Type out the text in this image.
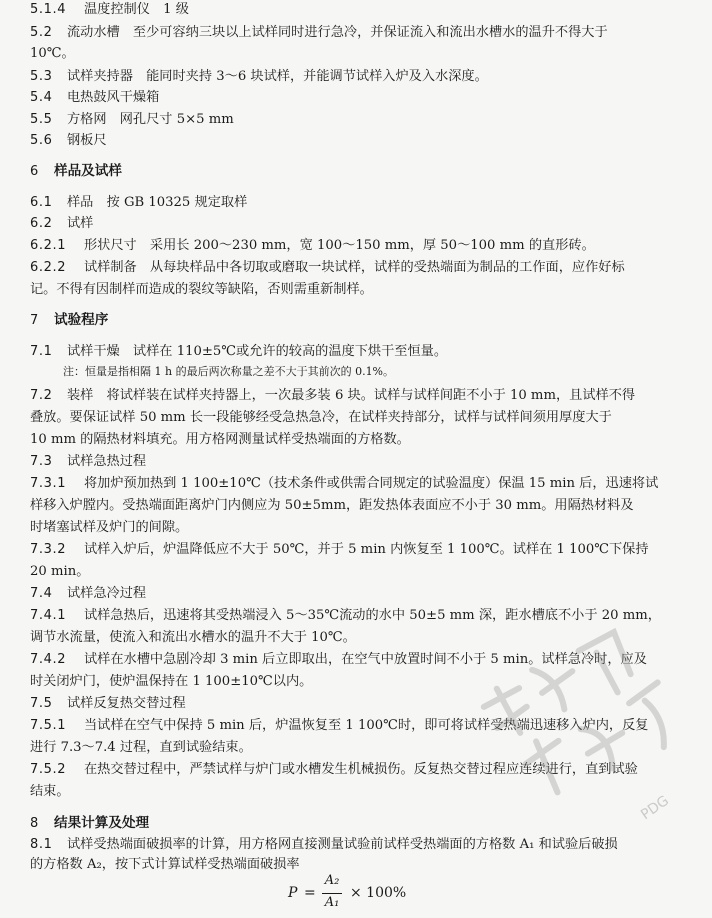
5.1.4 温度控制仪　1 级
5.2 流动水槽　至少可容纳三块以上试样同时进行急冷，并保证流入和流出水槽水的温升不得大于
10℃。
5.3 试样夹持器　能同时夹持 3～6 块试样，并能调节试样入炉及入水深度。
5.4 电热鼓风干燥箱
5.5 方格网　网孔尺寸 5×5 mm
5.6 钢板尺
6 样品及试样
6.1 样品　按 GB 10325 规定取样
6.2 试样
6.2.1 形状尺寸　采用长 200～230 mm，宽 100～150 mm，厚 50～100 mm 的直形砖。
6.2.2 试样制备　从每块样品中各切取或磨取一块试样，试样的受热端面为制品的工作面，应作好标
记。不得有因制样而造成的裂纹等缺陷，否则需重新制样。
7 试验程序
7.1 试样干燥　试样在 110±5℃或允许的较高的温度下烘干至恒量。
注：恒量是指相隔 1 h 的最后两次称量之差不大于其前次的 0.1%。
7.2 装样　将试样装在试样夹持器上，一次最多装 6 块。试样与试样间距不小于 10 mm，且试样不得
叠放。要保证试样 50 mm 长一段能够经受急热急冷，在试样夹持部分，试样与试样间须用厚度大于
10 mm 的隔热材料填充。用方格网测量试样受热端面的方格数。
7.3 试样急热过程
7.3.1 将加炉预加热到 1 100±10℃（技术条件或供需合同规定的试验温度）保温 15 min 后，迅速将试
样移入炉膛内。受热端面距离炉门内侧应为 50±5mm，距发热体表面应不小于 30 mm。用隔热材料及
时堵塞试样及炉门的间隙。
7.3.2 试样入炉后，炉温降低应不大于 50℃，并于 5 min 内恢复至 1 100℃。试样在 1 100℃下保持
20 min。
7.4 试样急冷过程
7.4.1 试样急热后，迅速将其受热端浸入 5～35℃流动的水中 50±5 mm 深，距水槽底不小于 20 mm，
调节水流量，使流入和流出水槽水的温升不大于 10℃。
7.4.2 试样在水槽中急剧冷却 3 min 后立即取出，在空气中放置时间不小于 5 min。试样急冷时，应及
时关闭炉门，使炉温保持在 1 100±10℃以内。
7.5 试样反复热交替过程
7.5.1 当试样在空气中保持 5 min 后，炉温恢复至 1 100℃时，即可将试样受热端迅速移入炉内，反复
进行 7.3～7.4 过程，直到试验结束。
7.5.2 在热交替过程中，严禁试样与炉门或水槽发生机械损伤。反复热交替过程应连续进行，直到试验
结束。
8 结果计算及处理
8.1 试样受热端面破损率的计算，用方格网直接测量试验前试样受热端面的方格数 A₁ 和试验后破损
的方格数 A₂，按下式计算试样受热端面破损率
P =
A₂
A₁
× 100%
PDG
